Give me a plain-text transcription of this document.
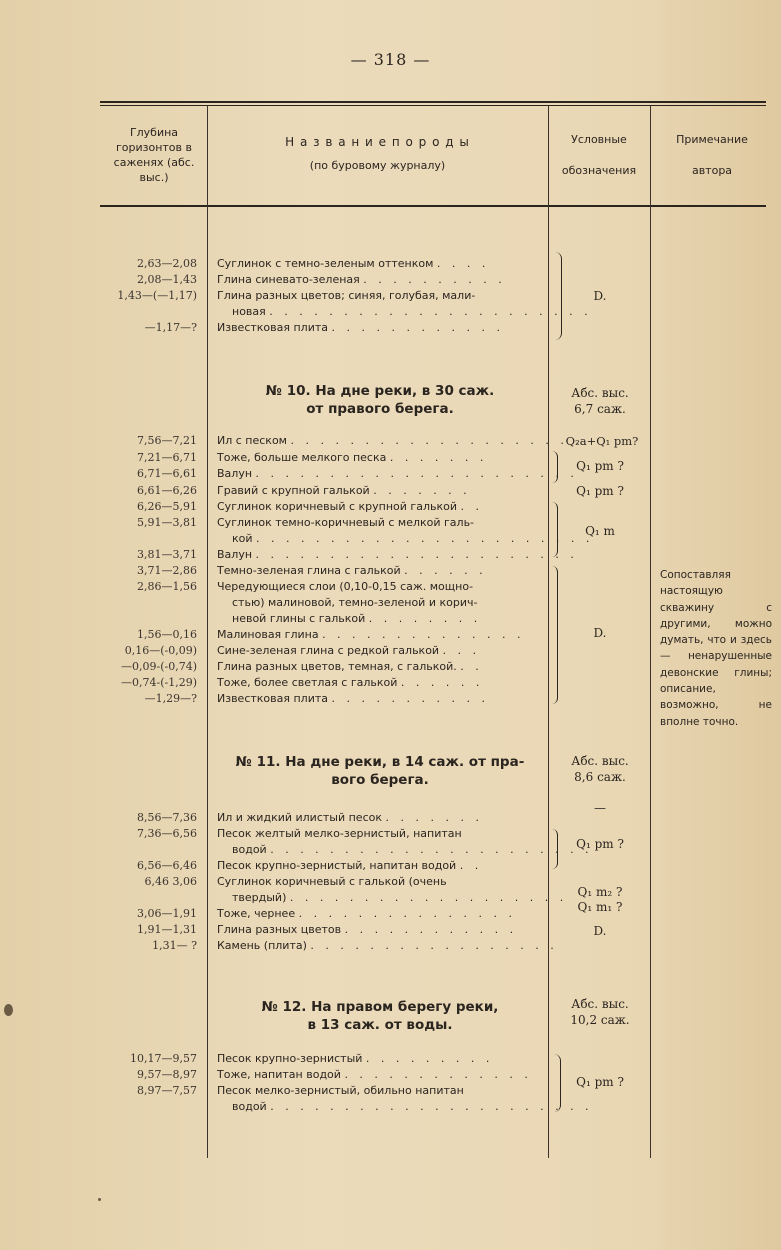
— 318 —
Глубина горизонтов в саженях (абс. выс.)
Н а з в а н и е п о р о д ы
(по буровому журналу)
Условные
обозначения
Примечание
автора
2,63—2,08 Суглинок с темно-зеленым оттенком . . . .
2,08—1,43 Глина синевато-зеленая . . . . . . . . . .
1,43—(—1,17) Глина разных цветов; синяя, голубая, мали-
новая . . . . . . . . . . . . . . . . . . . . . .
—1,17—? Известковая плита . . . . . . . . . . . .
D.
№ 10. На дне реки, в 30 саж.
от правого берега.
Абс. выс.
6,7 саж.
7,56—7,21 Ил с песком . . . . . . . . . . . . . . . . . . . .
7,21—6,71 Тоже, больше мелкого песка . . . . . . .
6,71—6,61 Валун . . . . . . . . . . . . . . . . . . . . . .
6,61—6,26 Гравий с крупной галькой . . . . . . .
6,26—5,91 Суглинок коричневый с крупной галькой . .
5,91—3,81 Суглинок темно-коричневый с мелкой галь-
кой . . . . . . . . . . . . . . . . . . . . . . .
3,81—3,71 Валун . . . . . . . . . . . . . . . . . . . . . .
3,71—2,86 Темно-зеленая глина с галькой . . . . . .
2,86—1,56 Чередующиеся слои (0,10-0,15 саж. мощно-
стью) малиновой, темно-зеленой и корич-
невой глины с галькой . . . . . . . .
1,56—0,16 Малиновая глина . . . . . . . . . . . . . .
0,16—(-0,09) Сине-зеленая глина с редкой галькой . . .
—0,09-(-0,74) Глина разных цветов, темная, с галькой. . .
—0,74-(-1,29) Тоже, более светлая с галькой . . . . . .
—1,29—? Известковая плита . . . . . . . . . . .
Q₂a+Q₁ pm?
Q₁ pm ?
Q₁ pm ?
Q₁ m
D.
Сопоставляя настоящую скважину с другими, можно думать, что и здесь — ненарушенные девонские глины; описание, возможно, не вполне точно.
№ 11. На дне реки, в 14 саж. от пра-
вого берега.
Абс. выс.
8,6 саж.
8,56—7,36 Ил и жидкий илистый песок . . . . . . .
7,36—6,56 Песок желтый мелко-зернистый, напитан
водой . . . . . . . . . . . . . . . . . . . . . .
6,56—6,46 Песок крупно-зернистый, напитан водой . .
6,46 3,06 Суглинок коричневый с галькой (очень
твердый) . . . . . . . . . . . . . . . . . . .
3,06—1,91 Тоже, чернее . . . . . . . . . . . . . . .
1,91—1,31 Глина разных цветов . . . . . . . . . . . .
1,31— ? Камень (плита) . . . . . . . . . . . . . . . . .
—
Q₁ pm ?
Q₁ m₂ ?
Q₁ m₁ ?
D.
№ 12. На правом берегу реки,
в 13 саж. от воды.
Абс. выс.
10,2 саж.
10,17—9,57 Песок крупно-зернистый . . . . . . . . .
9,57—8,97 Тоже, напитан водой . . . . . . . . . . . . .
8,97—7,57 Песок мелко-зернистый, обильно напитан
водой . . . . . . . . . . . . . . . . . . . . . .
Q₁ pm ?
